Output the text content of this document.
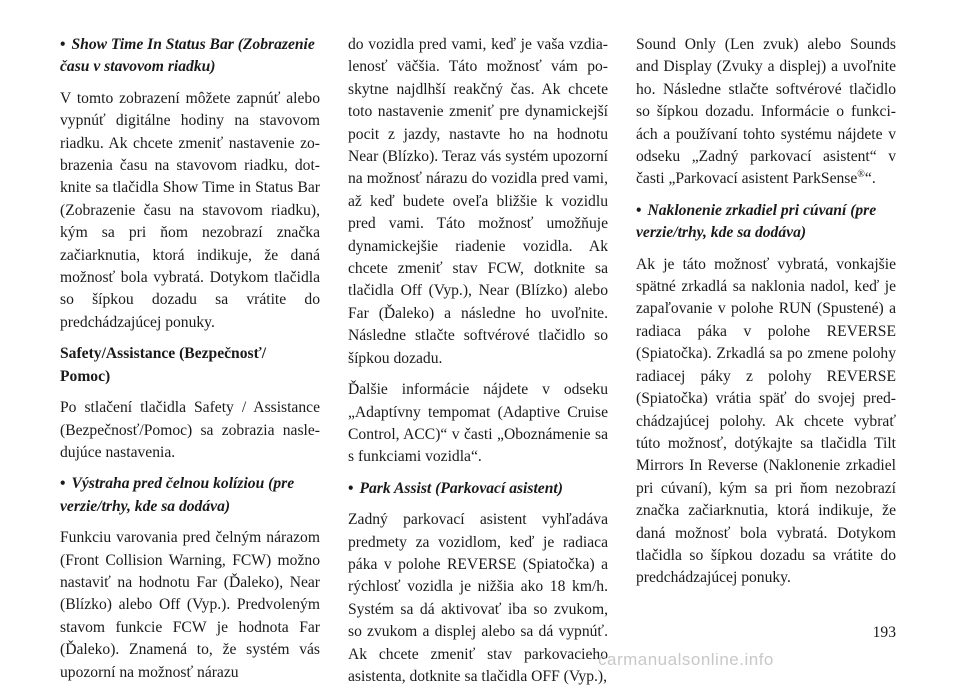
• Show Time In Status Bar (Zobrazenie času v stavovom riadku)

V tomto zobrazení môžete zapnúť alebo vypnúť digitálne hodiny na stavovom riadku. Ak chcete zmeniť nastavenie zobrazenia času na stavovom riadku, dotknite sa tlačidla Show Time in Status Bar (Zobrazenie času na stavovom riadku), kým sa pri ňom nezobrazí značka začiarknutia, ktorá indikuje, že daná možnosť bola vybratá. Dotykom tlačidla so šípkou dozadu sa vrátite do predchádzajúcej ponuky.

Safety/Assistance (Bezpečnosť/ Pomoc)

Po stlačení tlačidla Safety / Assistance (Bezpečnosť/Pomoc) sa zobrazia nasledujúce nastavenia.

• Výstraha pred čelnou kolíziou (pre verzie/trhy, kde sa dodáva)

Funkciu varovania pred čelným nárazom (Front Collision Warning, FCW) možno nastaviť na hodnotu Far (Ďaleko), Near (Blízko) alebo Off (Vyp.). Predvoleným stavom funkcie FCW je hodnota Far (Ďaleko). Znamená to, že systém vás upozorní na možnosť nárazu

do vozidla pred vami, keď je vaša vzdialenosť väčšia. Táto možnosť vám poskytne najdlhší reakčný čas. Ak chcete toto nastavenie zmeniť pre dynamickejší pocit z jazdy, nastavte ho na hodnotu Near (Blízko). Teraz vás systém upozorní na možnosť nárazu do vozidla pred vami, až keď budete oveľa bližšie k vozidlu pred vami. Táto možnosť umožňuje dynamickejšie riadenie vozidla. Ak chcete zmeniť stav FCW, dotknite sa tlačidla Off (Vyp.), Near (Blízko) alebo Far (Ďaleko) a následne ho uvoľnite. Následne stlačte softvérové tlačidlo so šípkou dozadu.

Ďalšie informácie nájdete v odseku „Adaptívny tempomat (Adaptive Cruise Control, ACC)“ v časti „Oboznámenie sa s funkciami vozidla“.

• Park Assist (Parkovací asistent)

Zadný parkovací asistent vyhľadáva predmety za vozidlom, keď je radiaca páka v polohe REVERSE (Spiatočka) a rýchlosť vozidla je nižšia ako 18 km/h. Systém sa dá aktivovať iba so zvukom, so zvukom a displej alebo sa dá vypnúť. Ak chcete zmeniť stav parkovacieho asistenta, dotknite sa tlačidla OFF (Vyp.),

Sound Only (Len zvuk) alebo Sounds and Display (Zvuky a displej) a uvoľnite ho. Následne stlačte softvérové tlačidlo so šípkou dozadu. Informácie o funkciách a používaní tohto systému nájdete v odseku „Zadný parkovací asistent“ v časti „Parkovací asistent ParkSense®“.

• Naklonenie zrkadiel pri cúvaní (pre verzie/trhy, kde sa dodáva)

Ak je táto možnosť vybratá, vonkajšie spätné zrkadlá sa naklonia nadol, keď je zapaľovanie v polohe RUN (Spustené) a radiaca páka v polohe REVERSE (Spiatočka). Zrkadlá sa po zmene polohy radiacej páky z polohy REVERSE (Spiatočka) vrátia späť do svojej predchádzajúcej polohy. Ak chcete vybrať túto možnosť, dotýkajte sa tlačidla Tilt Mirrors In Reverse (Naklonenie zrkadiel pri cúvaní), kým sa pri ňom nezobrazí značka začiarknutia, ktorá indikuje, že daná možnosť bola vybratá. Dotykom tlačidla so šípkou dozadu sa vrátite do predchádzajúcej ponuky.

193
carmanualsonline.info
